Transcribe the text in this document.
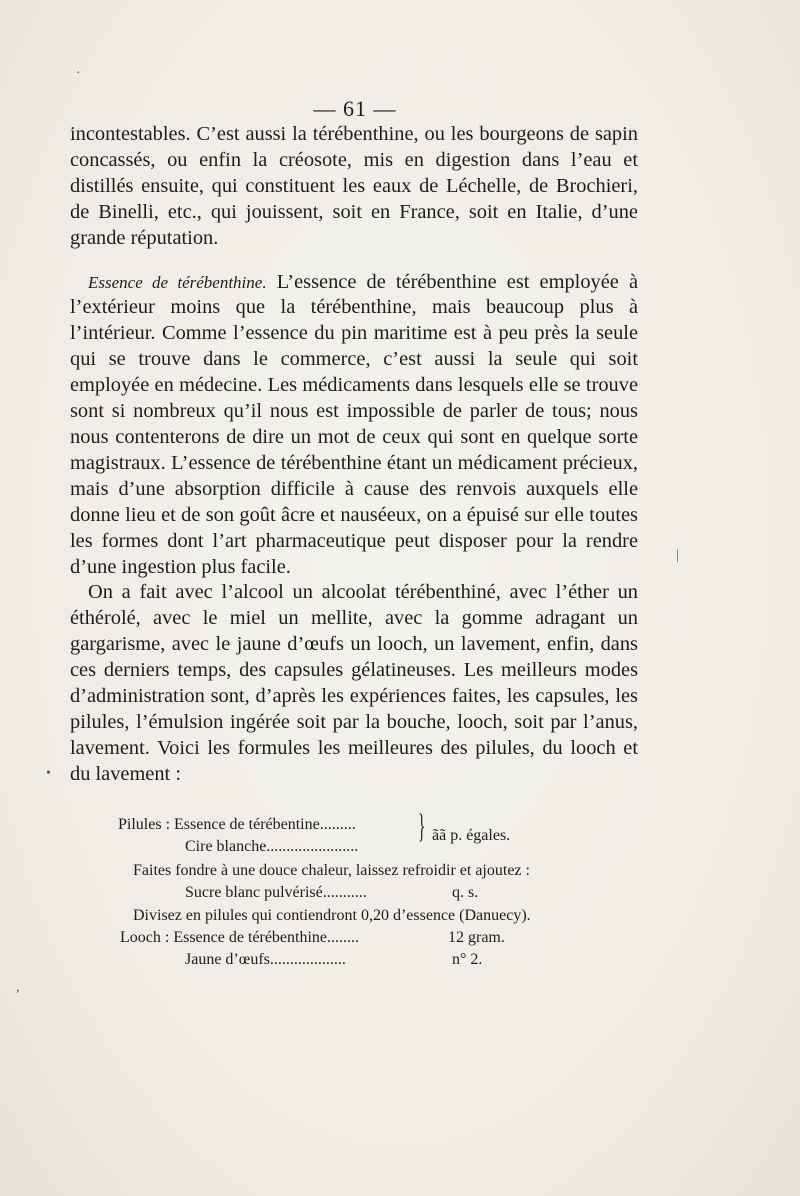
— 61 —

incontestables. C’est aussi la térébenthine, ou les bourgeons de sapin concassés, ou enfin la créosote, mis en digestion dans l’eau et distillés ensuite, qui constituent les eaux de Léchelle, de Brochieri, de Binelli, etc., qui jouissent, soit en France, soit en Italie, d’une grande réputation.

Essence de térébenthine. L’essence de térébenthine est employée à l’extérieur moins que la térébenthine, mais beaucoup plus à l’intérieur. Comme l’essence du pin maritime est à peu près la seule qui se trouve dans le commerce, c’est aussi la seule qui soit employée en médecine. Les médicaments dans lesquels elle se trouve sont si nombreux qu’il nous est impossible de parler de tous; nous nous contenterons de dire un mot de ceux qui sont en quelque sorte magistraux. L’essence de térébenthine étant un médicament précieux, mais d’une absorption difficile à cause des renvois auxquels elle donne lieu et de son goût âcre et nauséeux, on a épuisé sur elle toutes les formes dont l’art pharmaceutique peut disposer pour la rendre d’une ingestion plus facile.

On a fait avec l’alcool un alcoolat térébenthiné, avec l’éther un éthérolé, avec le miel un mellite, avec la gomme adragant un gargarisme, avec le jaune d’œufs un looch, un lavement, enfin, dans ces derniers temps, des capsules gélatineuses. Les meilleurs modes d’administration sont, d’après les expériences faites, les capsules, les pilules, l’émulsion ingérée soit par la bouche, looch, soit par l’anus, lavement. Voici les formules les meilleures des pilules, du looch et du lavement :

Pilules : Essence de térébentine.........
Cire blanche.......................
ãã p. égales.
Faites fondre à une douce chaleur, laissez refroidir et ajoutez :
Sucre blanc pulvérisé...........	q. s.
Divisez en pilules qui contiendront 0,20 d’essence (Danuecy).
Looch : Essence de térébenthine........	12 gram.
Jaune d’œufs...................	n° 2.
}
·
•
,
|
